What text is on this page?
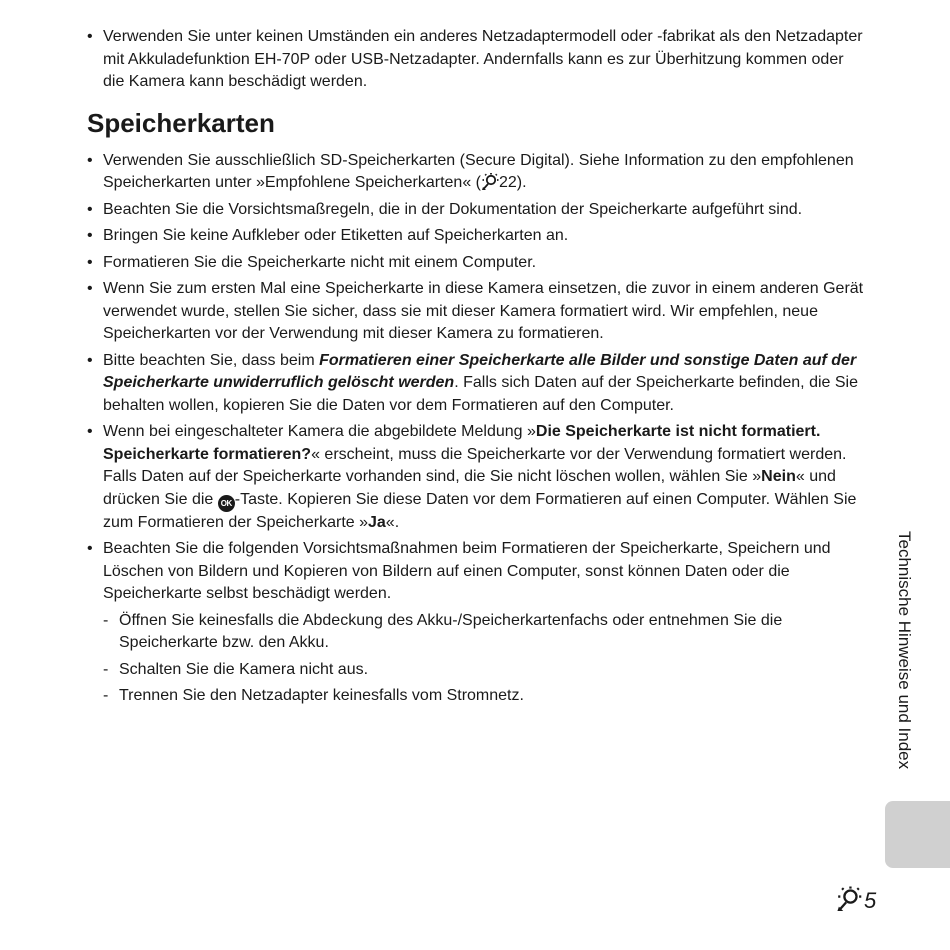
• Verwenden Sie unter keinen Umständen ein anderes Netzadaptermodell oder -fabrikat als den Netzadapter mit Akkuladefunktion EH-70P oder USB-Netzadapter. Andernfalls kann es zur Überhitzung kommen oder die Kamera kann beschädigt werden.
Speicherkarten
• Verwenden Sie ausschließlich SD-Speicherkarten (Secure Digital). Siehe Information zu den empfohlenen Speicherkarten unter »Empfohlene Speicherkarten« ( 22).
• Beachten Sie die Vorsichtsmaßregeln, die in der Dokumentation der Speicherkarte aufgeführt sind.
• Bringen Sie keine Aufkleber oder Etiketten auf Speicherkarten an.
• Formatieren Sie die Speicherkarte nicht mit einem Computer.
• Wenn Sie zum ersten Mal eine Speicherkarte in diese Kamera einsetzen, die zuvor in einem anderen Gerät verwendet wurde, stellen Sie sicher, dass sie mit dieser Kamera formatiert wird. Wir empfehlen, neue Speicherkarten vor der Verwendung mit dieser Kamera zu formatieren.
• Bitte beachten Sie, dass beim Formatieren einer Speicherkarte alle Bilder und sonstige Daten auf der Speicherkarte unwiderruflich gelöscht werden. Falls sich Daten auf der Speicherkarte befinden, die Sie behalten wollen, kopieren Sie die Daten vor dem Formatieren auf den Computer.
• Wenn bei eingeschalteter Kamera die abgebildete Meldung »Die Speicherkarte ist nicht formatiert. Speicherkarte formatieren?« erscheint, muss die Speicherkarte vor der Verwendung formatiert werden. Falls Daten auf der Speicherkarte vorhanden sind, die Sie nicht löschen wollen, wählen Sie »Nein« und drücken Sie die OK -Taste. Kopieren Sie diese Daten vor dem Formatieren auf einen Computer. Wählen Sie zum Formatieren der Speicherkarte »Ja«.
• Beachten Sie die folgenden Vorsichtsmaßnahmen beim Formatieren der Speicherkarte, Speichern und Löschen von Bildern und Kopieren von Bildern auf einen Computer, sonst können Daten oder die Speicherkarte selbst beschädigt werden.
- Öffnen Sie keinesfalls die Abdeckung des Akku-/Speicherkartenfachs oder entnehmen Sie die Speicherkarte bzw. den Akku.
- Schalten Sie die Kamera nicht aus.
- Trennen Sie den Netzadapter keinesfalls vom Stromnetz.	Technische Hinweise und Index
5
